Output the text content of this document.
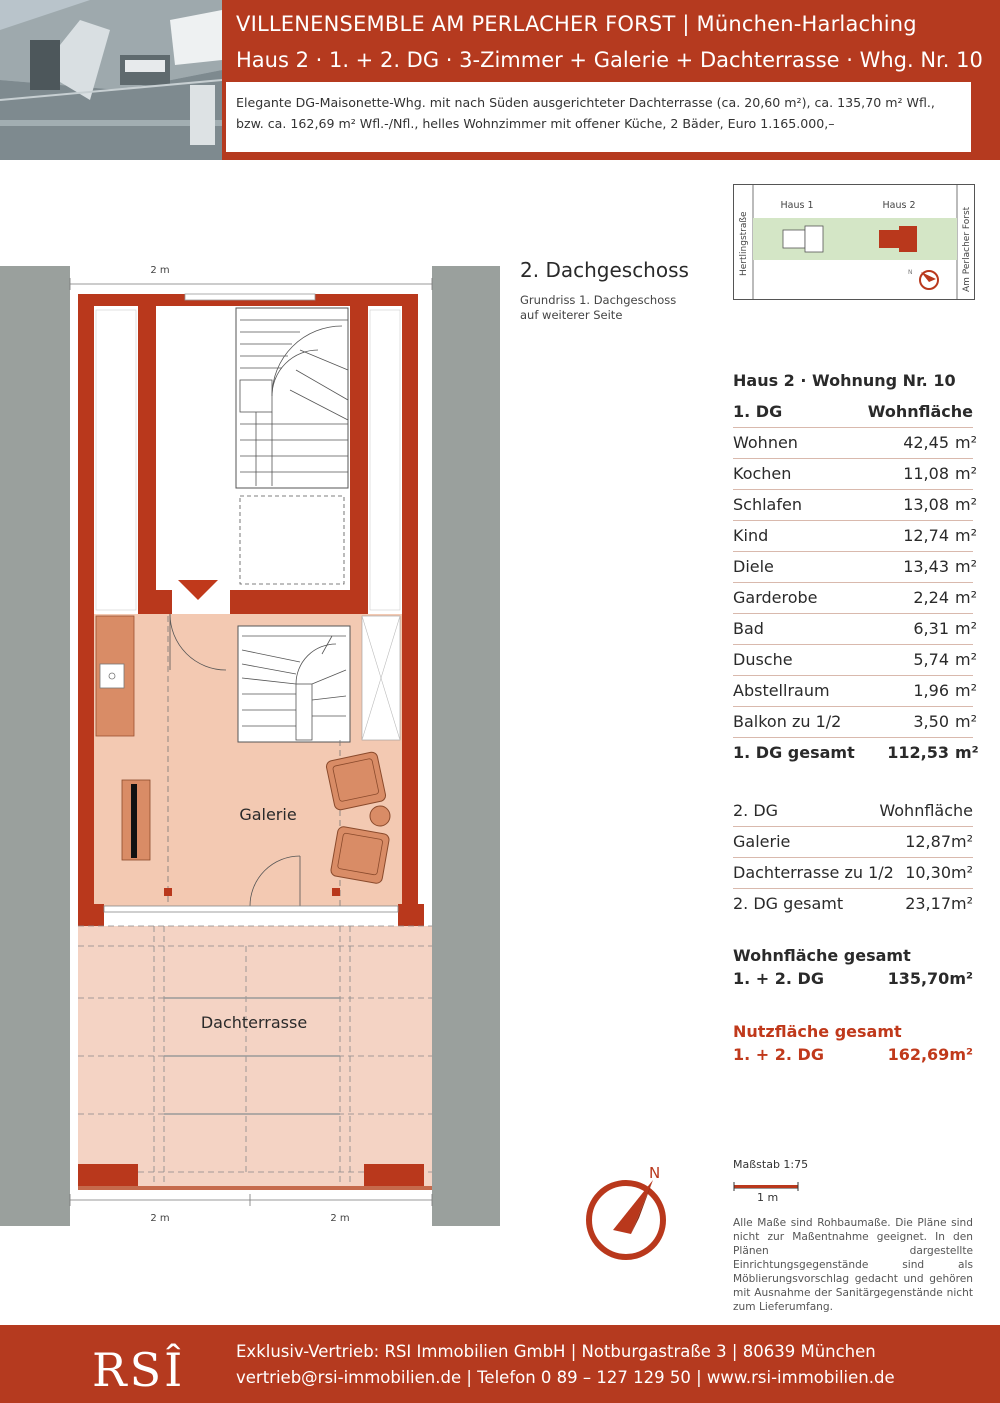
VILLENENSEMBLE AM PERLACHER FORST | München-Harlaching
Haus 2 · 1. + 2. DG · 3-Zimmer + Galerie + Dachterrasse · Whg. Nr. 10
Elegante DG-Maisonette-Whg. mit nach Süden ausgerichteter Dachterrasse (ca. 20,60 m²), ca. 135,70 m² Wfl., bzw. ca. 162,69 m² Wfl.-/Nfl., helles Wohnzimmer mit offener Küche, 2 Bäder, Euro 1.165.000,–
2 m
Galerie
Dachterrasse
2 m	2 m
2. Dachgeschoss
Grundriss 1. Dachgeschoss
auf weiterer Seite
Haus 1	Haus 2
Hertlingstraße	Am Perlacher Forst
N
Haus 2 · Wohnung Nr. 10
1. DG	Wohnfläche
Wohnen	42,45 m²
Kochen	11,08 m²
Schlafen	13,08 m²
Kind	12,74 m²
Diele	13,43 m²
Garderobe	2,24 m²
Bad	6,31 m²
Dusche	5,74 m²
Abstellraum	1,96 m²
Balkon zu 1/2	3,50 m²
1. DG gesamt 112,53 m²
2. DG	Wohnfläche
Galerie	12,87m²
Dachterrasse zu 1/2 10,30m²
2. DG gesamt	23,17m²
Wohnfläche gesamt
1. + 2. DG	135,70m²
Nutzfläche gesamt
1. + 2. DG	162,69m²
Maßstab 1:75
1 m
Alle Maße sind Rohbaumaße. Die Pläne sind nicht zur Maßentnahme geeignet. In den Plänen dargestellte Einrichtungsgegenstände sind als Möblierungsvorschlag gedacht und gehören mit Ausnahme der Sanitärgegenstände nicht zum Lieferumfang.
N
RSÎ	Exklusiv-Vertrieb: RSI Immobilien GmbH | Notburgastraße 3 | 80639 München
vertrieb@rsi-immobilien.de | Telefon 0 89 – 127 129 50 | www.rsi-immobilien.de
